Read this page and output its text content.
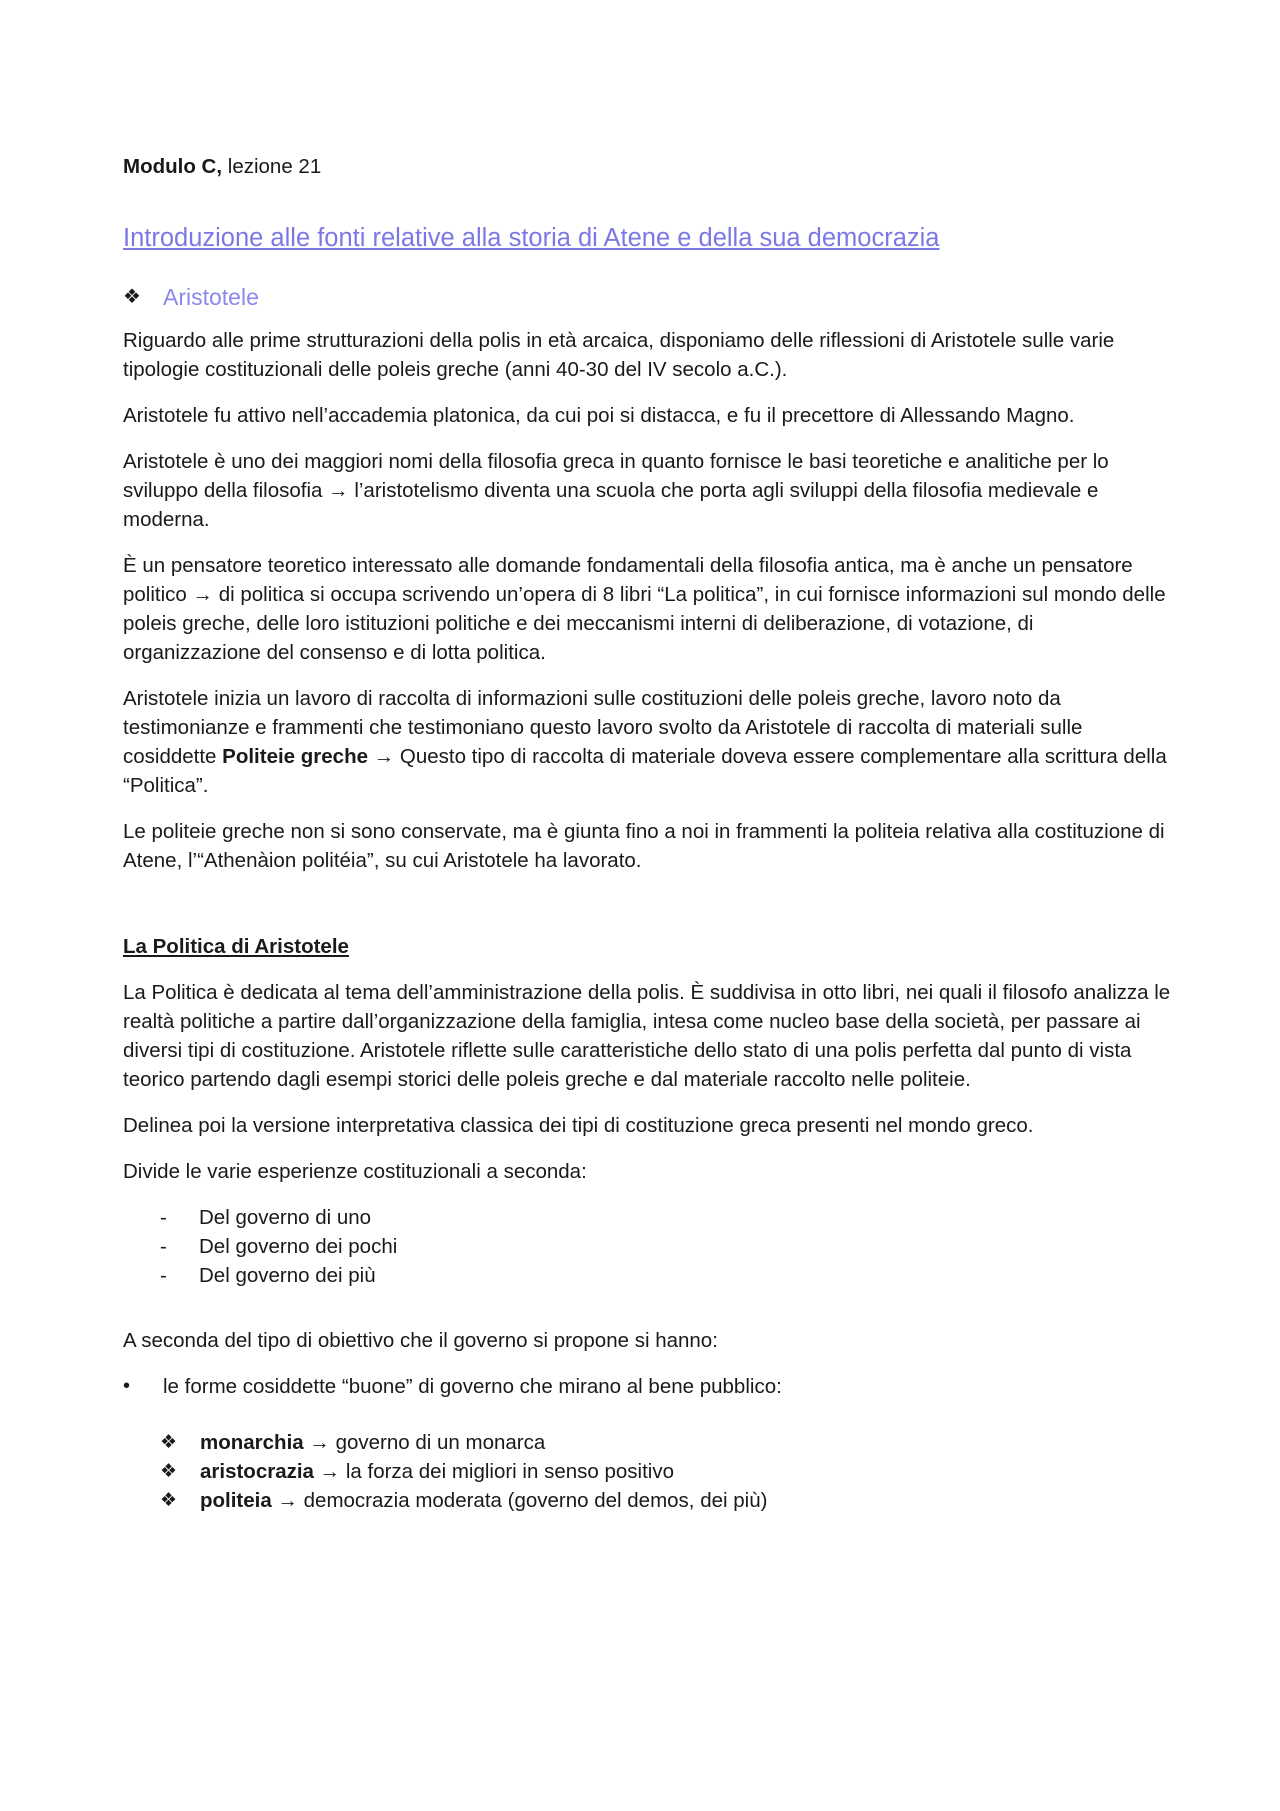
Modulo C, lezione 21

Introduzione alle fonti relative alla storia di Atene e della sua democrazia

❖ Aristotele

Riguardo alle prime strutturazioni della polis in età arcaica, disponiamo delle riflessioni di Aristotele sulle varie tipologie costituzionali delle poleis greche (anni 40-30 del IV secolo a.C.).

Aristotele fu attivo nell’accademia platonica, da cui poi si distacca, e fu il precettore di Allessando Magno.

Aristotele è uno dei maggiori nomi della filosofia greca in quanto fornisce le basi teoretiche e analitiche per lo sviluppo della filosofia → l’aristotelismo diventa una scuola che porta agli sviluppi della filosofia medievale e moderna.

È un pensatore teoretico interessato alle domande fondamentali della filosofia antica, ma è anche un pensatore politico → di politica si occupa scrivendo un’opera di 8 libri “La politica”, in cui fornisce informazioni sul mondo delle poleis greche, delle loro istituzioni politiche e dei meccanismi interni di deliberazione, di votazione, di organizzazione del consenso e di lotta politica.

Aristotele inizia un lavoro di raccolta di informazioni sulle costituzioni delle poleis greche, lavoro noto da testimonianze e frammenti che testimoniano questo lavoro svolto da Aristotele di raccolta di materiali sulle cosiddette Politeie greche → Questo tipo di raccolta di materiale doveva essere complementare alla scrittura della “Politica”.

Le politeie greche non si sono conservate, ma è giunta fino a noi in frammenti la politeia relativa alla costituzione di Atene, l’“Athenàion politéia”, su cui Aristotele ha lavorato.

La Politica di Aristotele

La Politica è dedicata al tema dell’amministrazione della polis. È suddivisa in otto libri, nei quali il filosofo analizza le realtà politiche a partire dall’organizzazione della famiglia, intesa come nucleo base della società, per passare ai diversi tipi di costituzione. Aristotele riflette sulle caratteristiche dello stato di una polis perfetta dal punto di vista teorico partendo dagli esempi storici delle poleis greche e dal materiale raccolto nelle politeie.

Delinea poi la versione interpretativa classica dei tipi di costituzione greca presenti nel mondo greco.

Divide le varie esperienze costituzionali a seconda:

-	Del governo di uno
-	Del governo dei pochi
-	Del governo dei più

A seconda del tipo di obiettivo che il governo si propone si hanno:

•	le forme cosiddette “buone” di governo che mirano al bene pubblico:
❖	monarchia → governo di un monarca
❖	aristocrazia → la forza dei migliori in senso positivo
❖	politeia → democrazia moderata (governo del demos, dei più)
